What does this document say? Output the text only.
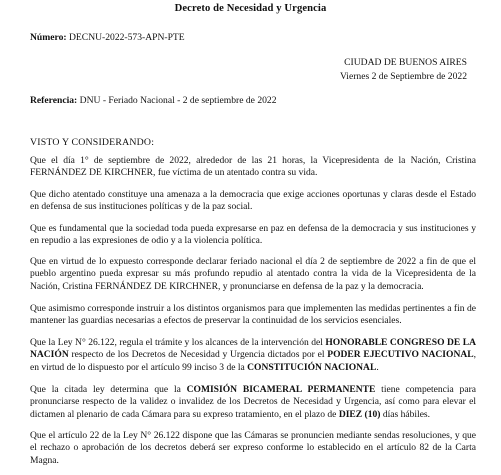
Decreto de Necesidad y Urgencia
Número: DECNU-2022-573-APN-PTE
CIUDAD DE BUENOS AIRES
Viernes 2 de Septiembre de 2022
Referencia: DNU - Feriado Nacional - 2 de septiembre de 2022
VISTO Y CONSIDERANDO:

Que el día 1° de septiembre de 2022, alrededor de las 21 horas, la Vicepresidenta de la Nación, Cristina FERNÁNDEZ DE KIRCHNER, fue víctima de un atentado contra su vida.

Que dicho atentado constituye una amenaza a la democracia que exige acciones oportunas y claras desde el Estado en defensa de sus instituciones políticas y de la paz social.

Que es fundamental que la sociedad toda pueda expresarse en paz en defensa de la democracia y sus instituciones y en repudio a las expresiones de odio y a la violencia política.

Que en virtud de lo expuesto corresponde declarar feriado nacional el día 2 de septiembre de 2022 a fin de que el pueblo argentino pueda expresar su más profundo repudio al atentado contra la vida de la Vicepresidenta de la Nación, Cristina FERNÁNDEZ DE KIRCHNER, y pronunciarse en defensa de la paz y la democracia.

Que asimismo corresponde instruir a los distintos organismos para que implementen las medidas pertinentes a fin de mantener las guardias necesarias a efectos de preservar la continuidad de los servicios esenciales.

Que la Ley N° 26.122, regula el trámite y los alcances de la intervención del HONORABLE CONGRESO DE LA NACIÓN respecto de los Decretos de Necesidad y Urgencia dictados por el PODER EJECUTIVO NACIONAL, en virtud de lo dispuesto por el artículo 99 inciso 3 de la CONSTITUCIÓN NACIONAL.

Que la citada ley determina que la COMISIÓN BICAMERAL PERMANENTE tiene competencia para pronunciarse respecto de la validez o invalidez de los Decretos de Necesidad y Urgencia, así como para elevar el dictamen al plenario de cada Cámara para su expreso tratamiento, en el plazo de DIEZ (10) días hábiles.

Que el artículo 22 de la Ley N° 26.122 dispone que las Cámaras se pronuncien mediante sendas resoluciones, y que el rechazo o aprobación de los decretos deberá ser expreso conforme lo establecido en el artículo 82 de la Carta Magna.
